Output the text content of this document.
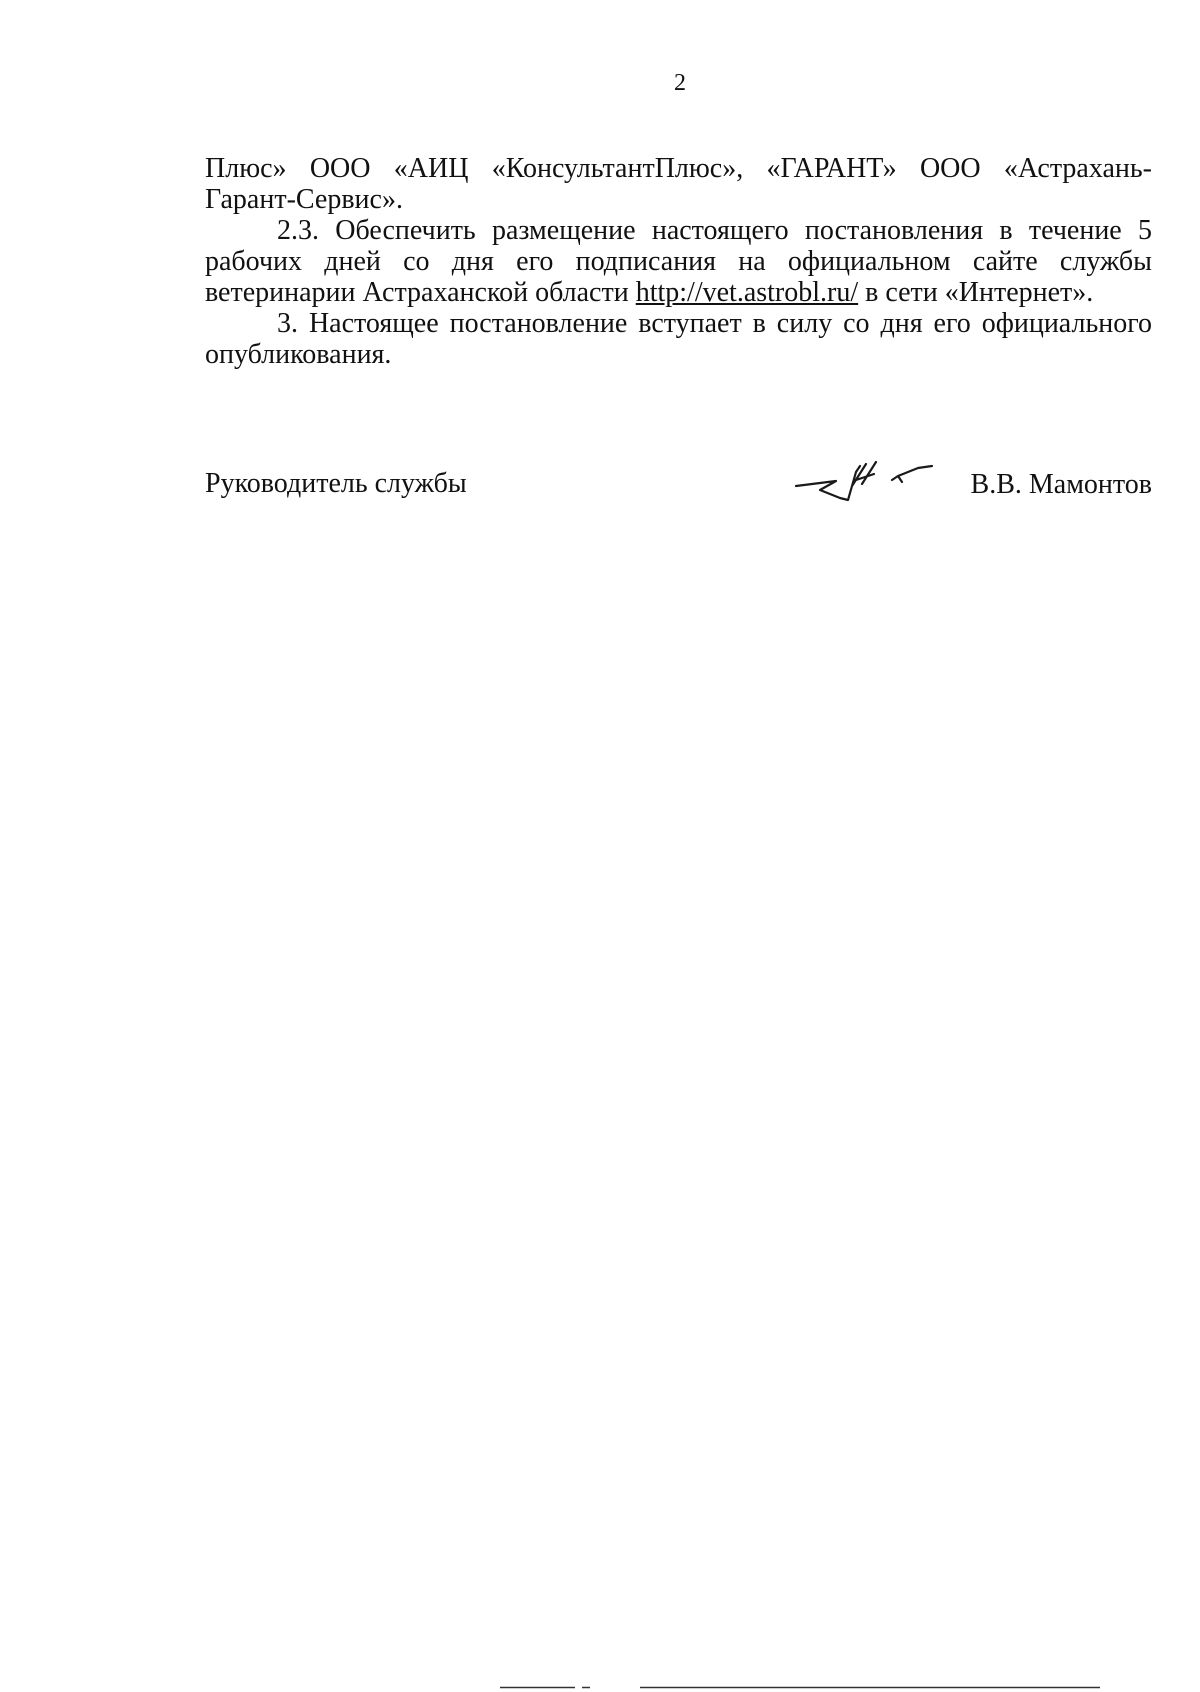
2

Плюс» ООО «АИЦ «КонсультантПлюс», «ГАРАНТ» ООО «Астрахань-
Гарант-Сервис».

2.3. Обеспечить размещение настоящего постановления в течение 5 рабочих дней со дня его подписания на официальном сайте службы ветеринарии Астраханской области http://vet.astrobl.ru/ в сети «Интернет».

3. Настоящее постановление вступает в силу со дня его официального опубликования.

Руководитель службы	В.В. Мамонтов
